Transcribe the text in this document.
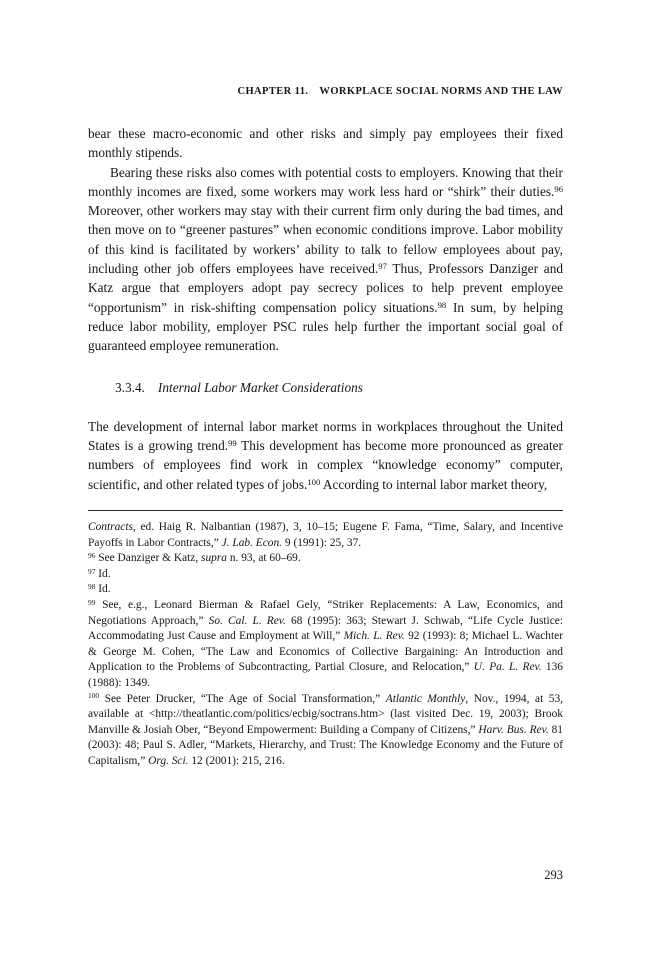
CHAPTER 11. WORKPLACE SOCIAL NORMS AND THE LAW

bear these macro-economic and other risks and simply pay employees their fixed monthly stipends.

Bearing these risks also comes with potential costs to employers. Knowing that their monthly incomes are fixed, some workers may work less hard or “shirk” their duties.$^{96}$ Moreover, other workers may stay with their current firm only during the bad times, and then move on to “greener pastures” when economic conditions improve. Labor mobility of this kind is facilitated by workers’ ability to talk to fellow employees about pay, including other job offers employees have received.$^{97}$ Thus, Professors Danziger and Katz argue that employers adopt pay secrecy polices to help prevent employee “opportunism” in risk-shifting compensation policy situations.$^{98}$ In sum, by helping reduce labor mobility, employer PSC rules help further the important social goal of guaranteed employee remuneration.

3.3.4. Internal Labor Market Considerations

The development of internal labor market norms in workplaces throughout the United States is a growing trend.$^{99}$ This development has become more pronounced as greater numbers of employees find work in complex “knowledge economy” computer, scientific, and other related types of jobs.$^{100}$ According to internal labor market theory,

Contracts, ed. Haig R. Nalbantian (1987), 3, 10–15; Eugene F. Fama, “Time, Salary, and Incentive Payoffs in Labor Contracts,” J. Lab. Econ. 9 (1991): 25, 37.

$^{96}$ See Danziger & Katz, supra n. 93, at 60–69.

$^{97}$ Id.

$^{98}$ Id.

$^{99}$ See, e.g., Leonard Bierman & Rafael Gely, “Striker Replacements: A Law, Economics, and Negotiations Approach,” So. Cal. L. Rev. 68 (1995): 363; Stewart J. Schwab, “Life Cycle Justice: Accommodating Just Cause and Employment at Will,” Mich. L. Rev. 92 (1993): 8; Michael L. Wachter & George M. Cohen, “The Law and Economics of Collective Bargaining: An Introduction and Application to the Problems of Subcontracting, Partial Closure, and Relocation,” U. Pa. L. Rev. 136 (1988): 1349.

$^{100}$ See Peter Drucker, “The Age of Social Transformation,” Atlantic Monthly, Nov., 1994, at 53, available at <http://theatlantic.com/politics/ecbig/soctrans.htm> (last visited Dec. 19, 2003); Brook Manville & Josiah Ober, “Beyond Empowerment: Building a Company of Citizens,” Harv. Bus. Rev. 81 (2003): 48; Paul S. Adler, “Markets, Hierarchy, and Trust: The Knowledge Economy and the Future of Capitalism,” Org. Sci. 12 (2001): 215, 216.

293
